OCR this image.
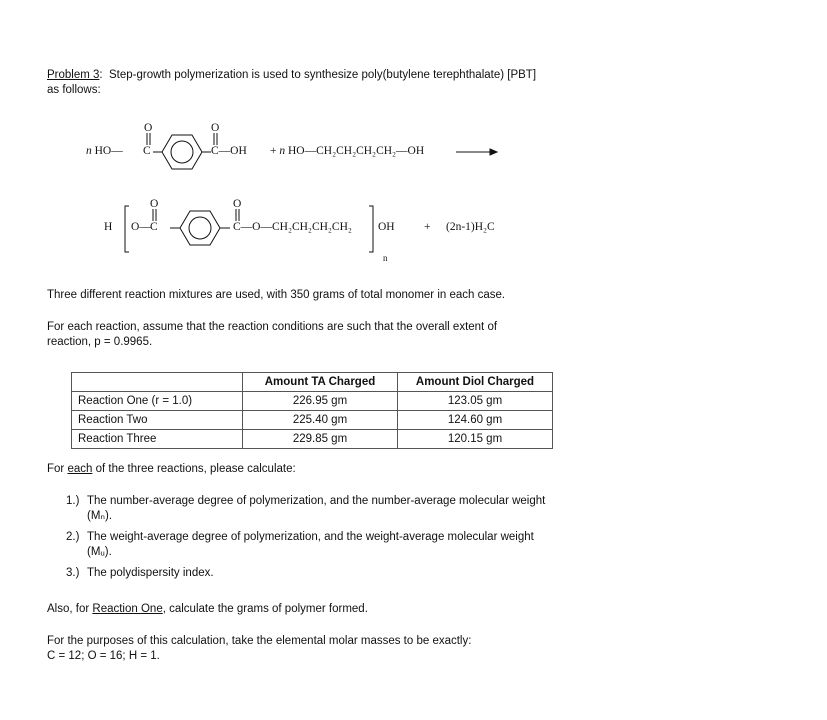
Problem 3: Step-growth polymerization is used to synthesize poly(butylene terephthalate) [PBT]
as follows:
n HO— C
O	O
C—OH + n HO—CH₂CH₂CH₂CH₂—OH
H O— C
O	O
C—O—CH₂CH₂CH₂CH₂ OH
n
+ (2n-1)H₂C
Three different reaction mixtures are used, with 350 grams of total monomer in each case.
For each reaction, assume that the reaction conditions are such that the overall extent of
reaction, p = 0.9965.
	Amount TA Charged	Amount Diol Charged
Reaction One (r = 1.0)	226.95 gm	123.05 gm
Reaction Two	225.40 gm	124.60 gm
Reaction Three	229.85 gm	120.15 gm
For each of the three reactions, please calculate:
1.) The number-average degree of polymerization, and the number-average molecular weight
(Mₙ).
2.) The weight-average degree of polymerization, and the weight-average molecular weight
(Mᵤ).
3.) The polydispersity index.
Also, for Reaction One, calculate the grams of polymer formed.
For the purposes of this calculation, take the elemental molar masses to be exactly:
C = 12; O = 16; H = 1.
